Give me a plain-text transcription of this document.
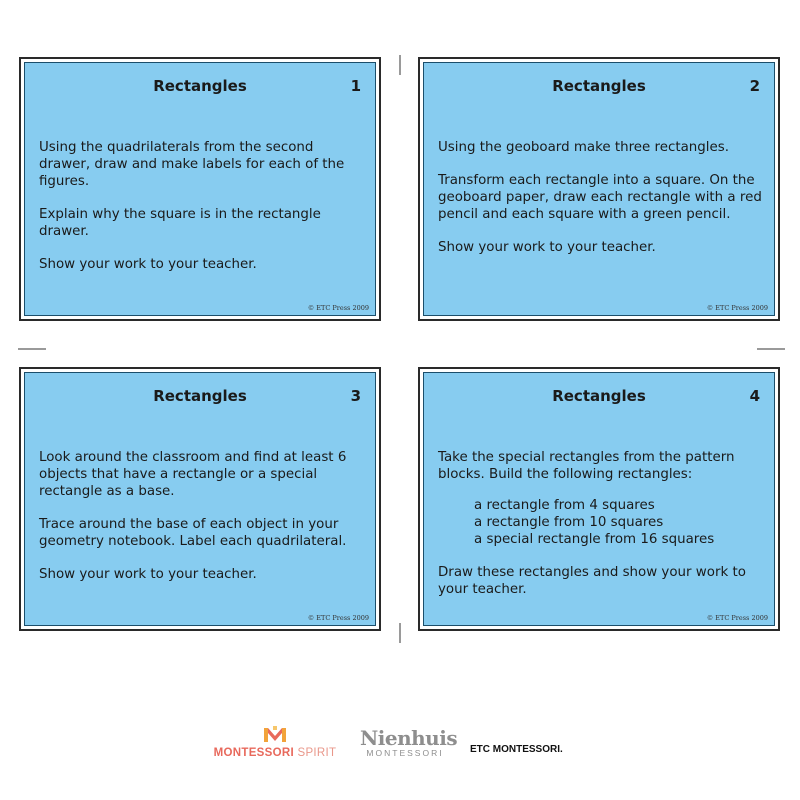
Rectangles	1

Using the quadrilaterals from the second drawer, draw and make labels for each of the figures.

Explain why the square is in the rectangle drawer.

Show your work to your teacher.

© ETC Press 2009
Rectangles	2

Using the geoboard make three rectangles.

Transform each rectangle into a square. On the geoboard paper, draw each rectangle with a red pencil and each square with a green pencil.

Show your work to your teacher.

© ETC Press 2009
Rectangles	3

Look around the classroom and find at least 6 objects that have a rectangle or a special rectangle as a base.

Trace around the base of each object in your geometry notebook. Label each quadrilateral.

Show your work to your teacher.

© ETC Press 2009
Rectangles	4

Take the special rectangles from the pattern blocks. Build the following rectangles:

a rectangle from 4 squares
a rectangle from 10 squares
a special rectangle from 16 squares

Draw these rectangles and show your work to your teacher.

© ETC Press 2009
MONTESSORI SPIRIT
Nienhuis
MONTESSORI	ETC MONTESSORI.
